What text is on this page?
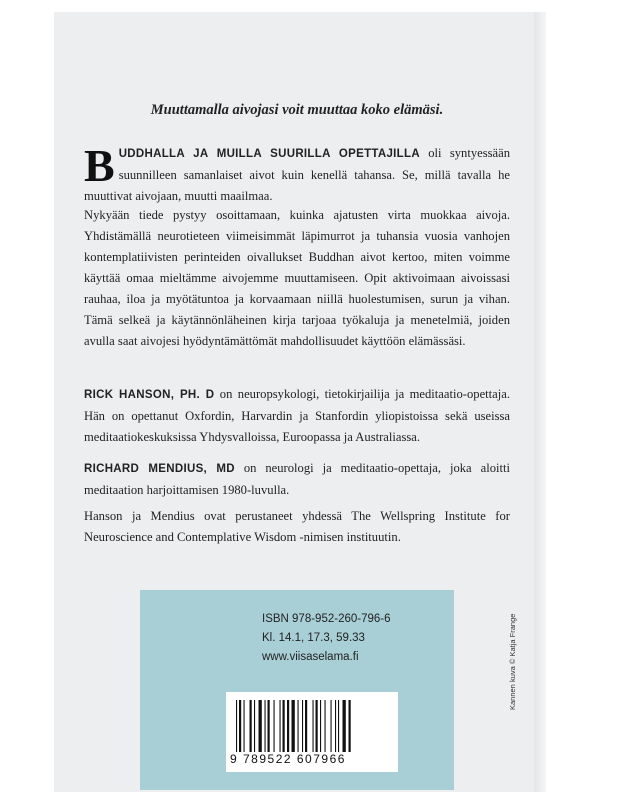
Muuttamalla aivojasi voit muuttaa koko elämäsi.

BUDDHALLA JA MUILLA SUURILLA OPETTAJILLA oli syntyessään suunnilleen samanlaiset aivot kuin kenellä tahansa. Se, millä tavalla he muuttivat aivojaan, muutti maailmaa.

Nykyään tiede pystyy osoittamaan, kuinka ajatusten virta muokkaa aivoja. Yhdistämällä neurotieteen viimeisimmät läpimurrot ja tuhansia vuosia vanhojen kontemplatiivisten perinteiden oivallukset Buddhan aivot kertoo, miten voimme käyttää omaa mieltämme aivojemme muuttamiseen. Opit aktivoimaan aivoissasi rauhaa, iloa ja myötätuntoa ja korvaamaan niillä huolestumisen, surun ja vihan. Tämä selkeä ja käytännönläheinen kirja tarjoaa työkaluja ja menetelmiä, joiden avulla saat aivojesi hyödyntämättömät mahdollisuudet käyttöön elämässäsi.

RICK HANSON, PH. D on neuropsykologi, tietokirjailija ja meditaatio-opettaja. Hän on opettanut Oxfordin, Harvardin ja Stanfordin yliopistoissa sekä useissa meditaatiokeskuksissa Yhdysvalloissa, Euroopassa ja Australiassa.

RICHARD MENDIUS, MD on neurologi ja meditaatio-opettaja, joka aloitti meditaation harjoittamisen 1980-luvulla.

Hanson ja Mendius ovat perustaneet yhdessä The Wellspring Institute for Neuroscience and Contemplative Wisdom -nimisen instituutin.

ISBN 978-952-260-796-6
Kl. 14.1, 17.3, 59.33
www.viisaselama.fi
9 789522 607966
Kannen kuva © Katja Frange
